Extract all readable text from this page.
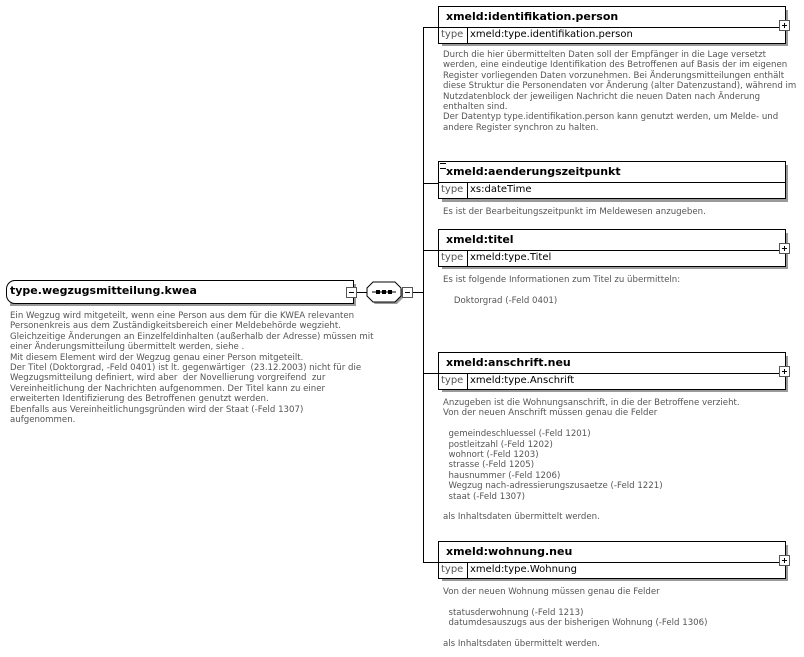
type.wegzugsmitteilung.kwea
Ein Wegzug wird mitgeteilt, wenn eine Person aus dem für die KWEA relevanten
Personenkreis aus dem Zuständigkeitsbereich einer Meldebehörde wegzieht.
Gleichzeitige Änderungen an Einzelfeldinhalten (außerhalb der Adresse) müssen mit
einer Änderungsmitteilung übermittelt werden, siehe .
Mit diesem Element wird der Wegzug genau einer Person mitgeteilt.
Der Titel (Doktorgrad, -Feld 0401) ist lt. gegenwärtiger  (23.12.2003) nicht für die
Wegzugsmitteilung definiert, wird aber  der Novellierung vorgreifend  zur
Vereinheitlichung der Nachrichten aufgenommen. Der Titel kann zu einer
erweiterten Identifizierung des Betroffenen genutzt werden.
Ebenfalls aus Vereinheitlichungsgründen wird der Staat (-Feld 1307)
aufgenommen.
xmeld:identifikation.person
type xmeld:type.identifikation.person
Durch die hier übermittelten Daten soll der Empfänger in die Lage versetzt
werden, eine eindeutige Identifikation des Betroffenen auf Basis der im eigenen
Register vorliegenden Daten vorzunehmen. Bei Änderungsmitteilungen enthält
diese Struktur die Personendaten vor Änderung (alter Datenzustand), während im
Nutzdatenblock der jeweiligen Nachricht die neuen Daten nach Änderung
enthalten sind.
Der Datentyp type.identifikation.person kann genutzt werden, um Melde- und
andere Register synchron zu halten.
xmeld:aenderungszeitpunkt
type xs:dateTime
Es ist der Bearbeitungszeitpunkt im Meldewesen anzugeben.
xmeld:titel
type xmeld:type.Titel
Es ist folgende Informationen zum Titel zu übermitteln:

Doktorgrad (-Feld 0401)
xmeld:anschrift.neu
type xmeld:type.Anschrift
Anzugeben ist die Wohnungsanschrift, in die der Betroffene verzieht.
Von der neuen Anschrift müssen genau die Felder

gemeindeschluessel (-Feld 1201)
postleitzahl (-Feld 1202)
wohnort (-Feld 1203)
strasse (-Feld 1205)
hausnummer (-Feld 1206)
Wegzug nach-adressierungszusaetze (-Feld 1221)
staat (-Feld 1307)

als Inhaltsdaten übermittelt werden.
xmeld:wohnung.neu
type xmeld:type.Wohnung
Von der neuen Wohnung müssen genau die Felder

statusderwohnung (-Feld 1213)
datumdesauszugs aus der bisherigen Wohnung (-Feld 1306)

als Inhaltsdaten übermittelt werden.
